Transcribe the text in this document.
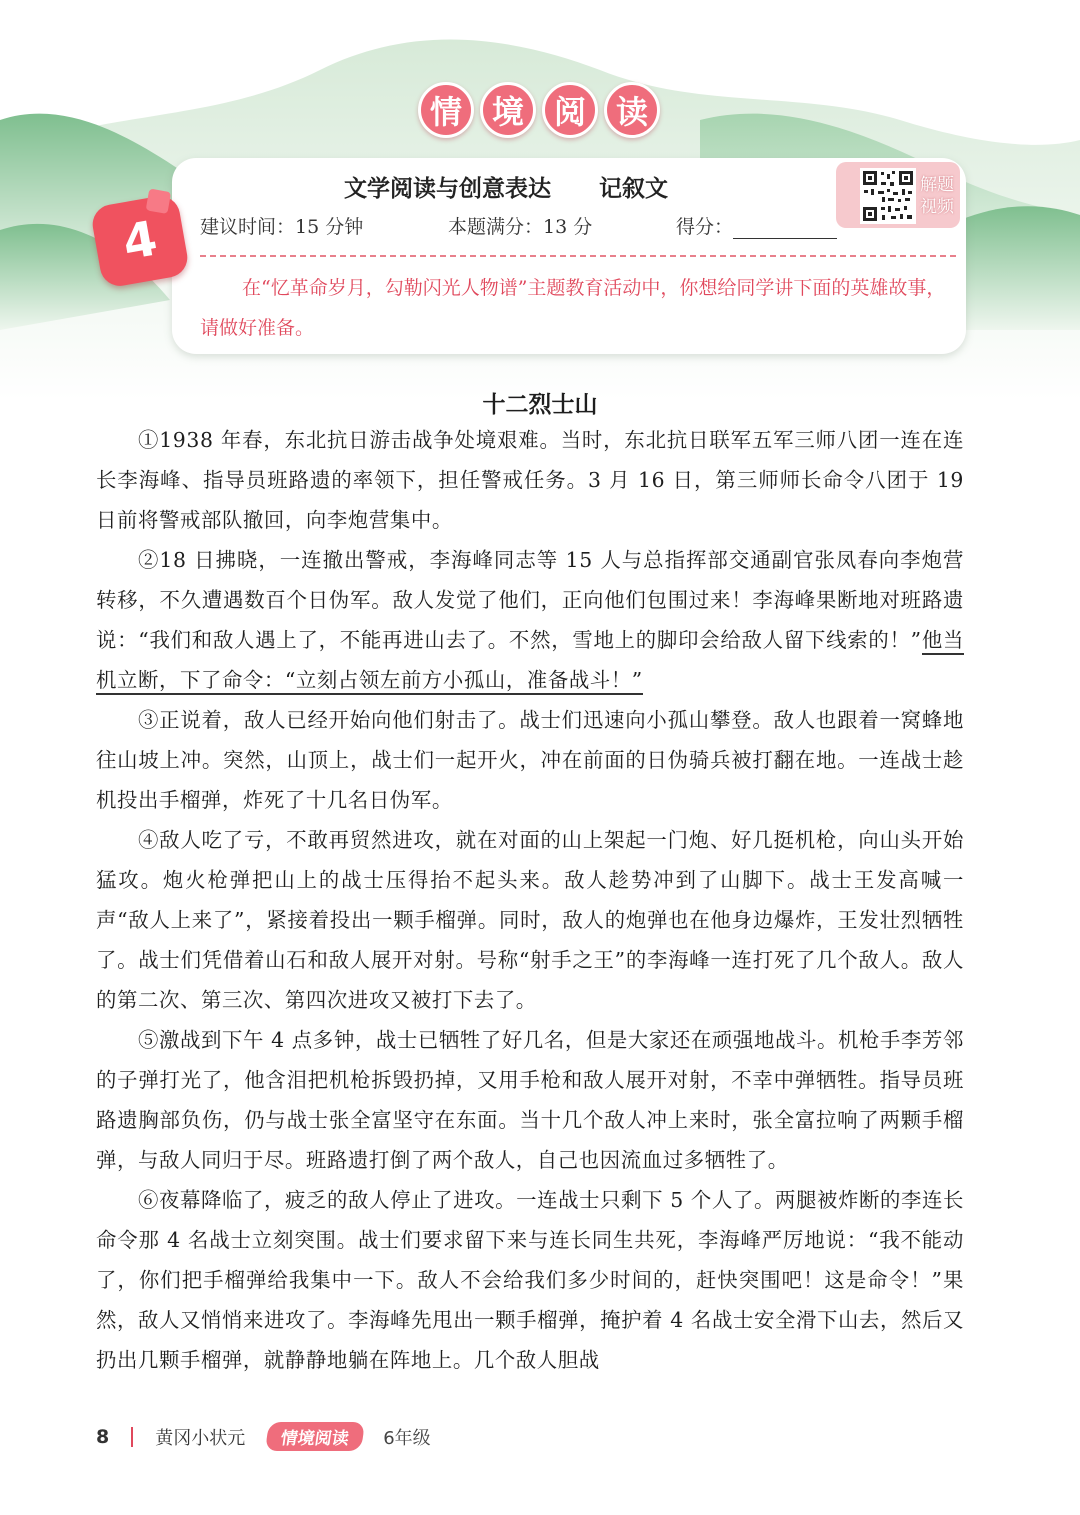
情 境 阅 读
文学阅读与创意表达 记叙文
建议时间：15 分钟	本题满分：13 分	得分：
在“忆革命岁月，勾勒闪光人物谱”主题教育活动中，你想给同学讲下面的英雄故事，请做好准备。
4
解题视频
十二烈士山

①1938 年春，东北抗日游击战争处境艰难。当时，东北抗日联军五军三师八团一连在连长李海峰、指导员班路遗的率领下，担任警戒任务。3 月 16 日，第三师师长命令八团于 19 日前将警戒部队撤回，向李炮营集中。

②18 日拂晓，一连撤出警戒，李海峰同志等 15 人与总指挥部交通副官张凤春向李炮营转移，不久遭遇数百个日伪军。敌人发觉了他们，正向他们包围过来！李海峰果断地对班路遗说：“我们和敌人遇上了，不能再进山去了。不然，雪地上的脚印会给敌人留下线索的！”他当机立断，下了命令：“立刻占领左前方小孤山，准备战斗！”

③正说着，敌人已经开始向他们射击了。战士们迅速向小孤山攀登。敌人也跟着一窝蜂地往山坡上冲。突然，山顶上，战士们一起开火，冲在前面的日伪骑兵被打翻在地。一连战士趁机投出手榴弹，炸死了十几名日伪军。

④敌人吃了亏，不敢再贸然进攻，就在对面的山上架起一门炮、好几挺机枪，向山头开始猛攻。炮火枪弹把山上的战士压得抬不起头来。敌人趁势冲到了山脚下。战士王发高喊一声“敌人上来了”，紧接着投出一颗手榴弹。同时，敌人的炮弹也在他身边爆炸，王发壮烈牺牲了。战士们凭借着山石和敌人展开对射。号称“射手之王”的李海峰一连打死了几个敌人。敌人的第二次、第三次、第四次进攻又被打下去了。

⑤激战到下午 4 点多钟，战士已牺牲了好几名，但是大家还在顽强地战斗。机枪手李芳邻的子弹打光了，他含泪把机枪拆毁扔掉，又用手枪和敌人展开对射，不幸中弹牺牲。指导员班路遗胸部负伤，仍与战士张全富坚守在东面。当十几个敌人冲上来时，张全富拉响了两颗手榴弹，与敌人同归于尽。班路遗打倒了两个敌人，自己也因流血过多牺牲了。

⑥夜幕降临了，疲乏的敌人停止了进攻。一连战士只剩下 5 个人了。两腿被炸断的李连长命令那 4 名战士立刻突围。战士们要求留下来与连长同生共死，李海峰严厉地说：“我不能动了，你们把手榴弹给我集中一下。敌人不会给我们多少时间的，赶快突围吧！这是命令！”果然，敌人又悄悄来进攻了。李海峰先甩出一颗手榴弹，掩护着 4 名战士安全滑下山去，然后又扔出几颗手榴弹，就静静地躺在阵地上。几个敌人胆战

8	黄冈小状元	情境阅读	6年级
